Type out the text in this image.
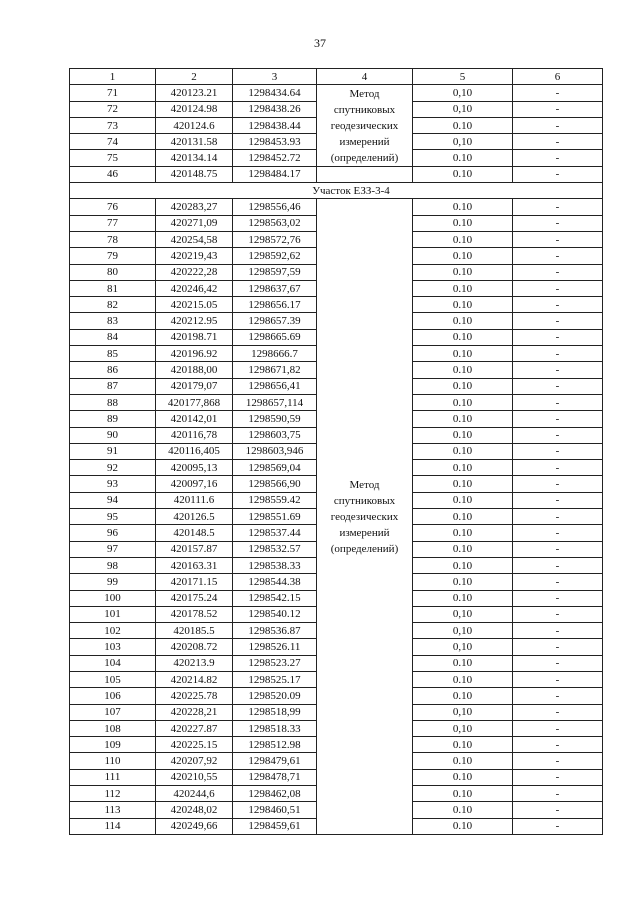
37
1	2	3	4	5	6
71	420123.21	1298434.64	Метод спутниковых геодезических измерений (определений)	0,10	-
72	420124.98	1298438.26		0,10	-
73	420124.6	1298438.44		0.10	-
74	420131.58	1298453.93		0,10	-
75	420134.14	1298452.72		0.10	-
46	420148.75	1298484.17		0.10	-
Участок ЕЗЗ-3-4					
76	420283,27	1298556,46	Метод спутниковых геодезических измерений (определений)	0.10	-
77	420271,09	1298563,02		0.10	-
78	420254,58	1298572,76		0.10	-
79	420219,43	1298592,62		0.10	-
80	420222,28	1298597,59		0.10	-
81	420246,42	1298637,67		0.10	-
82	420215.05	1298656.17		0.10	-
83	420212.95	1298657.39		0.10	-
84	420198.71	1298665.69		0.10	-
85	420196.92	1298666.7		0.10	-
86	420188,00	1298671,82		0.10	-
87	420179,07	1298656,41		0.10	-
88	420177,868	1298657,114		0.10	-
89	420142,01	1298590,59		0.10	-
90	420116,78	1298603,75		0.10	-
91	420116,405	1298603,946		0.10	-
92	420095,13	1298569,04		0.10	-
93	420097,16	1298566,90		0.10	-
94	420111.6	1298559.42		0.10	-
95	420126.5	1298551.69		0.10	-
96	420148.5	1298537.44		0.10	-
97	420157.87	1298532.57		0.10	-
98	420163.31	1298538.33		0.10	-
99	420171.15	1298544.38		0.10	-
100	420175.24	1298542.15		0.10	-
101	420178.52	1298540.12		0,10	-
102	420185.5	1298536.87		0,10	-
103	420208.72	1298526.11		0,10	-
104	420213.9	1298523.27		0.10	-
105	420214.82	1298525.17		0.10	-
106	420225.78	1298520.09		0.10	-
107	420228,21	1298518,99		0,10	-
108	420227.87	1298518.33		0,10	-
109	420225.15	1298512.98		0.10	-
110	420207,92	1298479,61		0.10	-
111	420210,55	1298478,71		0.10	-
112	420244,6	1298462,08		0.10	-
113	420248,02	1298460,51		0.10	-
114	420249,66	1298459,61		0.10	-
